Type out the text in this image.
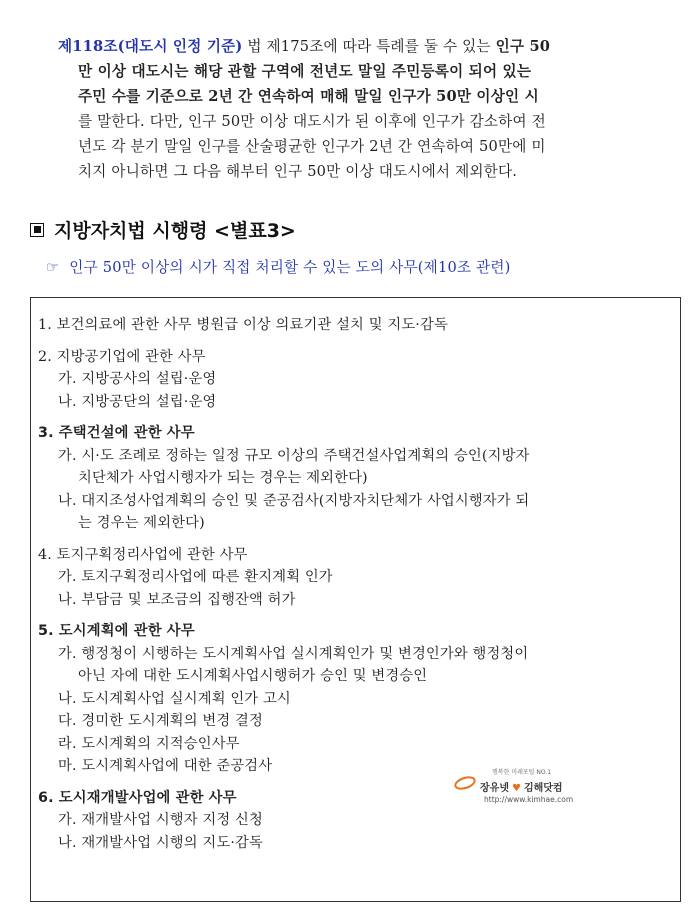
제118조(대도시 인정 기준) 법 제175조에 따라 특례를 둘 수 있는 인구 50
만 이상 대도시는 해당 관할 구역에 전년도 말일 주민등록이 되어 있는
주민 수를 기준으로 2년 간 연속하여 매해 말일 인구가 50만 이상인 시
를 말한다. 다만, 인구 50만 이상 대도시가 된 이후에 인구가 감소하여 전
년도 각 분기 말일 인구를 산술평균한 인구가 2년 간 연속하여 50만에 미
치지 아니하면 그 다음 해부터 인구 50만 이상 대도시에서 제외한다.
지방자치법 시행령 <별표3>
☞ 인구 50만 이상의 시가 직접 처리할 수 있는 도의 사무(제10조 관련)
1. 보건의료에 관한 사무 병원급 이상 의료기관 설치 및 지도·감독
2. 지방공기업에 관한 사무
가. 지방공사의 설립·운영
나. 지방공단의 설립·운영
3. 주택건설에 관한 사무
가. 시·도 조례로 정하는 일정 규모 이상의 주택건설사업계획의 승인(지방자
치단체가 사업시행자가 되는 경우는 제외한다)
나. 대지조성사업계획의 승인 및 준공검사(지방자치단체가 사업시행자가 되
는 경우는 제외한다)
4. 토지구획정리사업에 관한 사무
가. 토지구획정리사업에 따른 환지계획 인가
나. 부담금 및 보조금의 집행잔액 허가
5. 도시계획에 관한 사무
가. 행정청이 시행하는 도시계획사업 실시계획인가 및 변경인가와 행정청이
아닌 자에 대한 도시계획사업시행허가 승인 및 변경승인
나. 도시계획사업 실시계획 인가 고시
다. 경미한 도시계획의 변경 결정
라. 도시계획의 지적승인사무
마. 도시계획사업에 대한 준공검사
6. 도시재개발사업에 관한 사무
가. 재개발사업 시행자 지정 신청
나. 재개발사업 시행의 지도·감독
행복한 미래포털 NO.1
장유넷 ♥ 김해닷컴
http://www.kimhae.com
